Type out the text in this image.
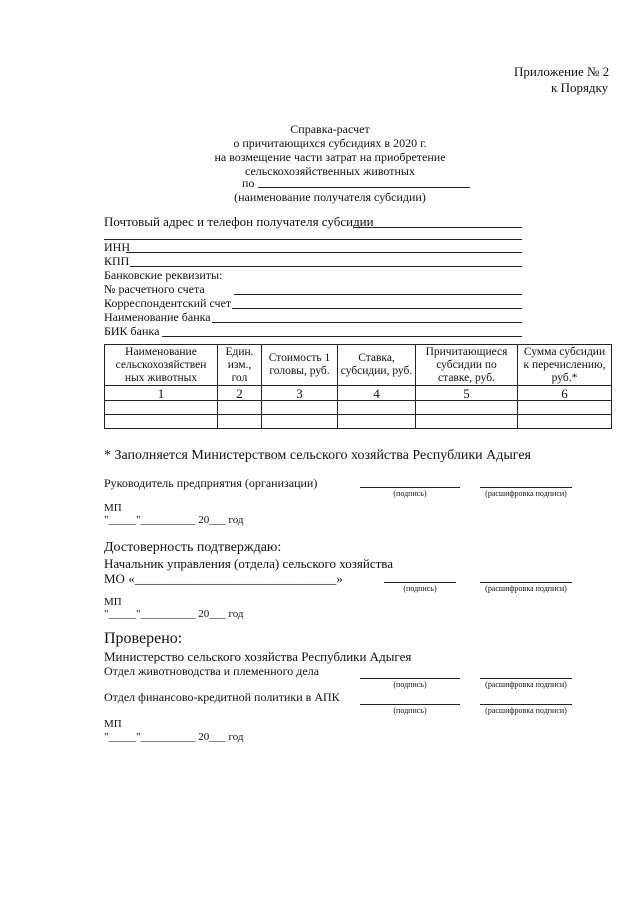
Приложение № 2
к Порядку
Справка-расчет
о причитающихся субсидиях в 2020 г.
на возмещение части затрат на приобретение
сельскохозяйственных животных
по
(наименование получателя субсидии)
Почтовый адрес и телефон получателя субсидии
ИНН
КПП
Банковские реквизиты:
№ расчетного счета
Корреспондентский счет
Наименование банка
БИК банка
Наименование сельскохозяйствен ных животных	Един. изм., гол	Стоимость 1 головы, руб.	Ставка, субсидии, руб.	Причитающиеся субсидии по ставке, руб.	Сумма субсидии к перечислению, руб.*
1	2	3	4	5	6

* Заполняется Министерством сельского хозяйства Республики Адыгея
Руководитель предприятия (организации)
(подпись)	(расшифровка подписи)
МП
"_____"__________ 20___ год
Достоверность подтверждаю:
Начальник управления (отдела) сельского хозяйства
МО «_______________________________»
(подпись)	(расшифровка подписи)
МП
"_____"__________ 20___ год
Проверено:
Министерство сельского хозяйства Республики Адыгея
Отдел животноводства и племенного дела
(подпись)	(расшифровка подписи)
Отдел финансово-кредитной политики в АПК
(подпись)	(расшифровка подписи)
МП
"_____"__________ 20___ год
